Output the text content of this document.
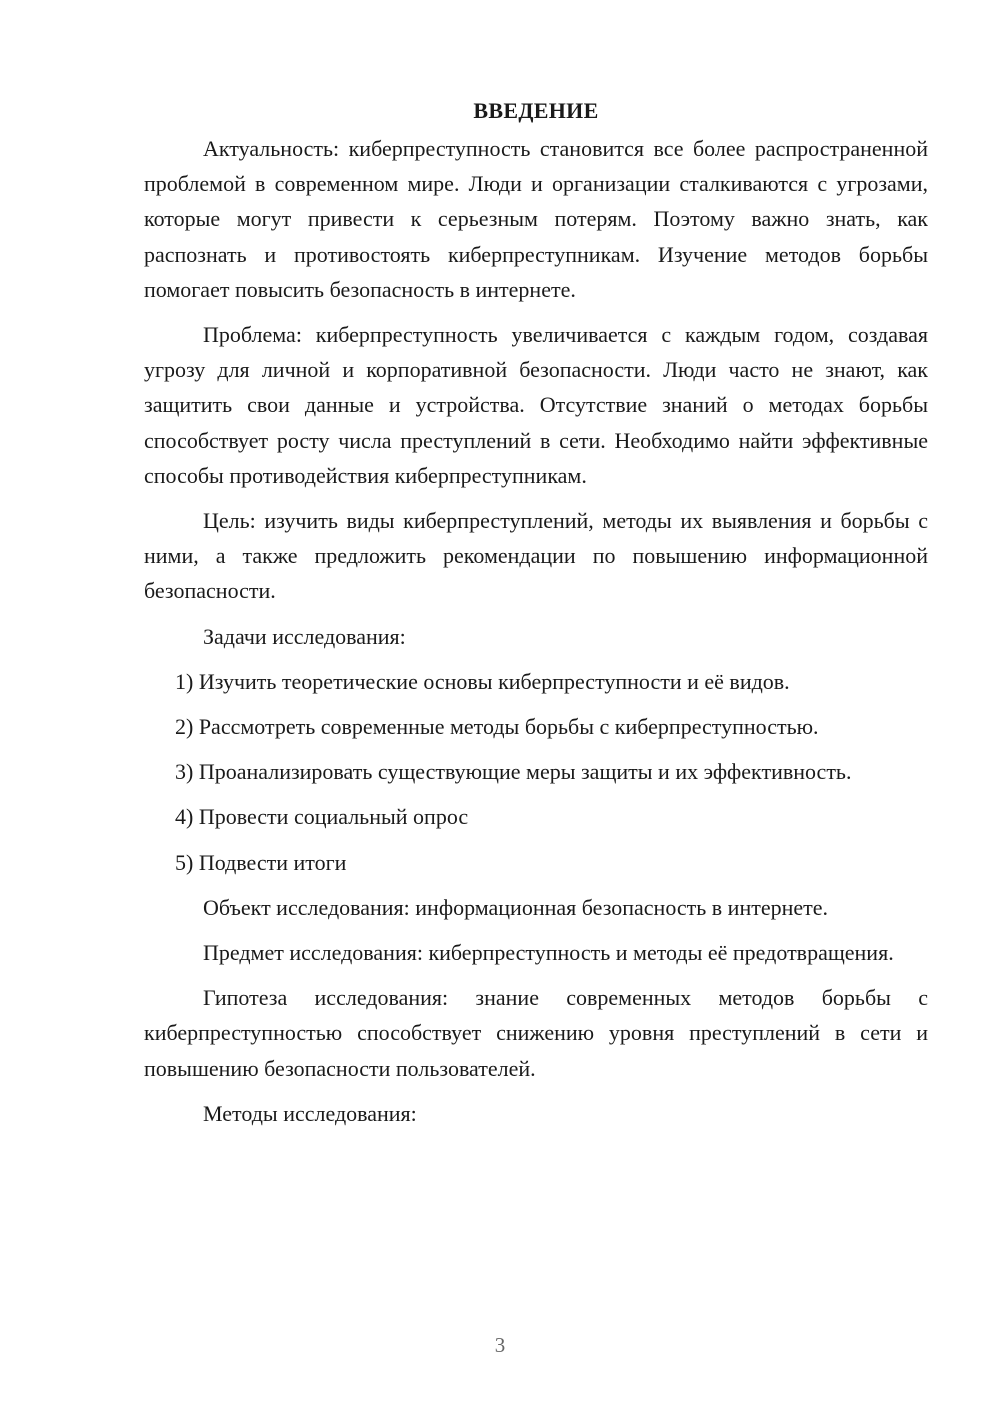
ВВЕДЕНИЕ

Актуальность: киберпреступность становится все более распространенной проблемой в современном мире. Люди и организации сталкиваются с угрозами, которые могут привести к серьезным потерям. Поэтому важно знать, как распознать и противостоять киберпреступникам. Изучение методов борьбы помогает повысить безопасность в интернете.

Проблема: киберпреступность увеличивается с каждым годом, создавая угрозу для личной и корпоративной безопасности. Люди часто не знают, как защитить свои данные и устройства. Отсутствие знаний о методах борьбы способствует росту числа преступлений в сети. Необходимо найти эффективные способы противодействия киберпреступникам.

Цель: изучить виды киберпреступлений, методы их выявления и борьбы с ними, а также предложить рекомендации по повышению информационной безопасности.

Задачи исследования:

1) Изучить теоретические основы киберпреступности и её видов.

2) Рассмотреть современные методы борьбы с киберпреступностью.

3) Проанализировать существующие меры защиты и их эффективность.

4) Провести социальный опрос

5) Подвести итоги

Объект исследования: информационная безопасность в интернете.

Предмет исследования: киберпреступность и методы её предотвращения.

Гипотеза исследования: знание современных методов борьбы с киберпреступностью способствует снижению уровня преступлений в сети и повышению безопасности пользователей.

Методы исследования:

3
